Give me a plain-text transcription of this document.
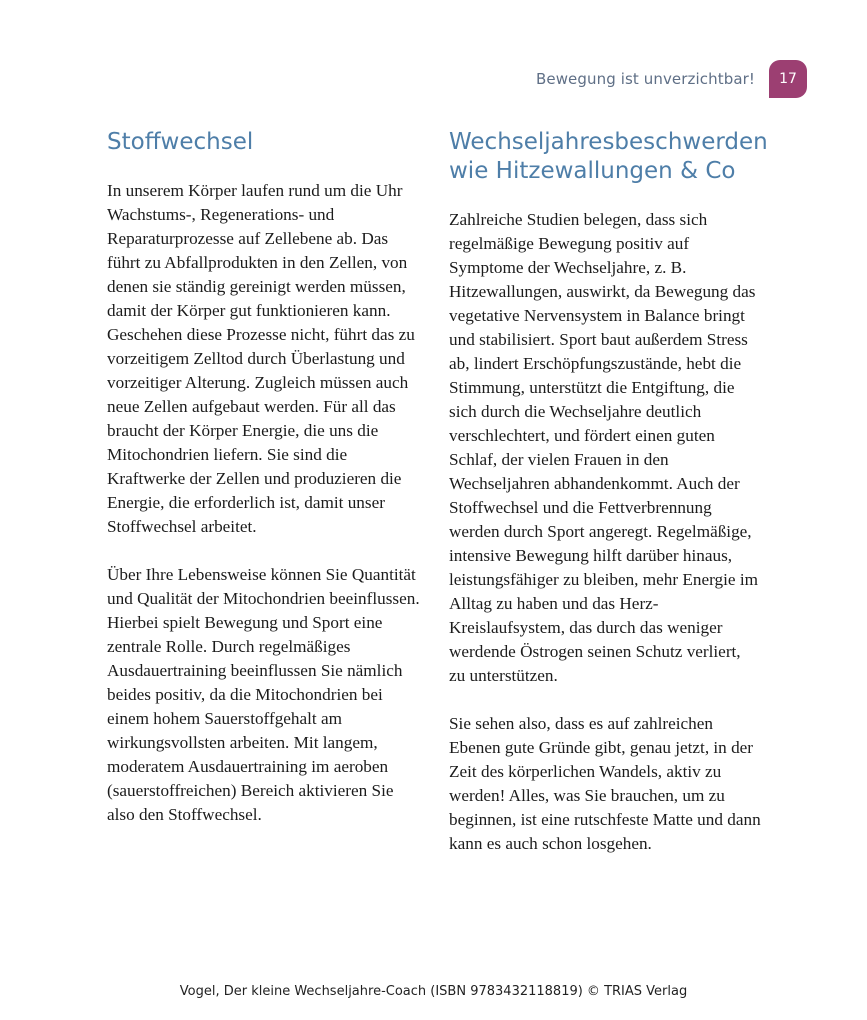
Bewegung ist unverzichtbar! 17
Stoffwechsel

In unserem Körper laufen rund um die Uhr Wachstums-, Regenerations- und Reparaturprozesse auf Zellebene ab. Das führt zu Abfallprodukten in den Zellen, von denen sie ständig gereinigt werden müssen, damit der Körper gut funktionieren kann. Geschehen diese Prozesse nicht, führt das zu vorzeitigem Zelltod durch Überlastung und vorzeitiger Alterung. Zugleich müssen auch neue Zellen aufgebaut werden. Für all das braucht der Körper Energie, die uns die Mitochondrien liefern. Sie sind die Kraftwerke der Zellen und produzieren die Energie, die erforderlich ist, damit unser Stoffwechsel arbeitet.

Über Ihre Lebensweise können Sie Quantität und Qualität der Mitochondrien beeinflussen. Hierbei spielt Bewegung und Sport eine zentrale Rolle. Durch regelmäßiges Ausdauertraining beeinflussen Sie nämlich beides positiv, da die Mitochondrien bei einem hohem Sauerstoffgehalt am wirkungsvollsten arbeiten. Mit langem, moderatem Ausdauertraining im aeroben (sauerstoffreichen) Bereich aktivieren Sie also den Stoffwechsel.

Wechseljahresbeschwerden
wie Hitzewallungen & Co

Zahlreiche Studien belegen, dass sich regelmäßige Bewegung positiv auf Symptome der Wechseljahre, z. B. Hitzewallungen, auswirkt, da Bewegung das vegetative Nervensystem in Balance bringt und stabilisiert. Sport baut außerdem Stress ab, lindert Erschöpfungszustände, hebt die Stimmung, unterstützt die Entgiftung, die sich durch die Wechseljahre deutlich verschlechtert, und fördert einen guten Schlaf, der vielen Frauen in den Wechseljahren abhandenkommt. Auch der Stoffwechsel und die Fettverbrennung werden durch Sport angeregt. Regelmäßige, intensive Bewegung hilft darüber hinaus, leistungsfähiger zu bleiben, mehr Energie im Alltag zu haben und das Herz-Kreislaufsystem, das durch das weniger werdende Östrogen seinen Schutz verliert, zu unterstützen.

Sie sehen also, dass es auf zahlreichen Ebenen gute Gründe gibt, genau jetzt, in der Zeit des körperlichen Wandels, aktiv zu werden! Alles, was Sie brauchen, um zu beginnen, ist eine rutschfeste Matte und dann kann es auch schon losgehen.

Vogel, Der kleine Wechseljahre-Coach (ISBN 9783432118819) © TRIAS Verlag
